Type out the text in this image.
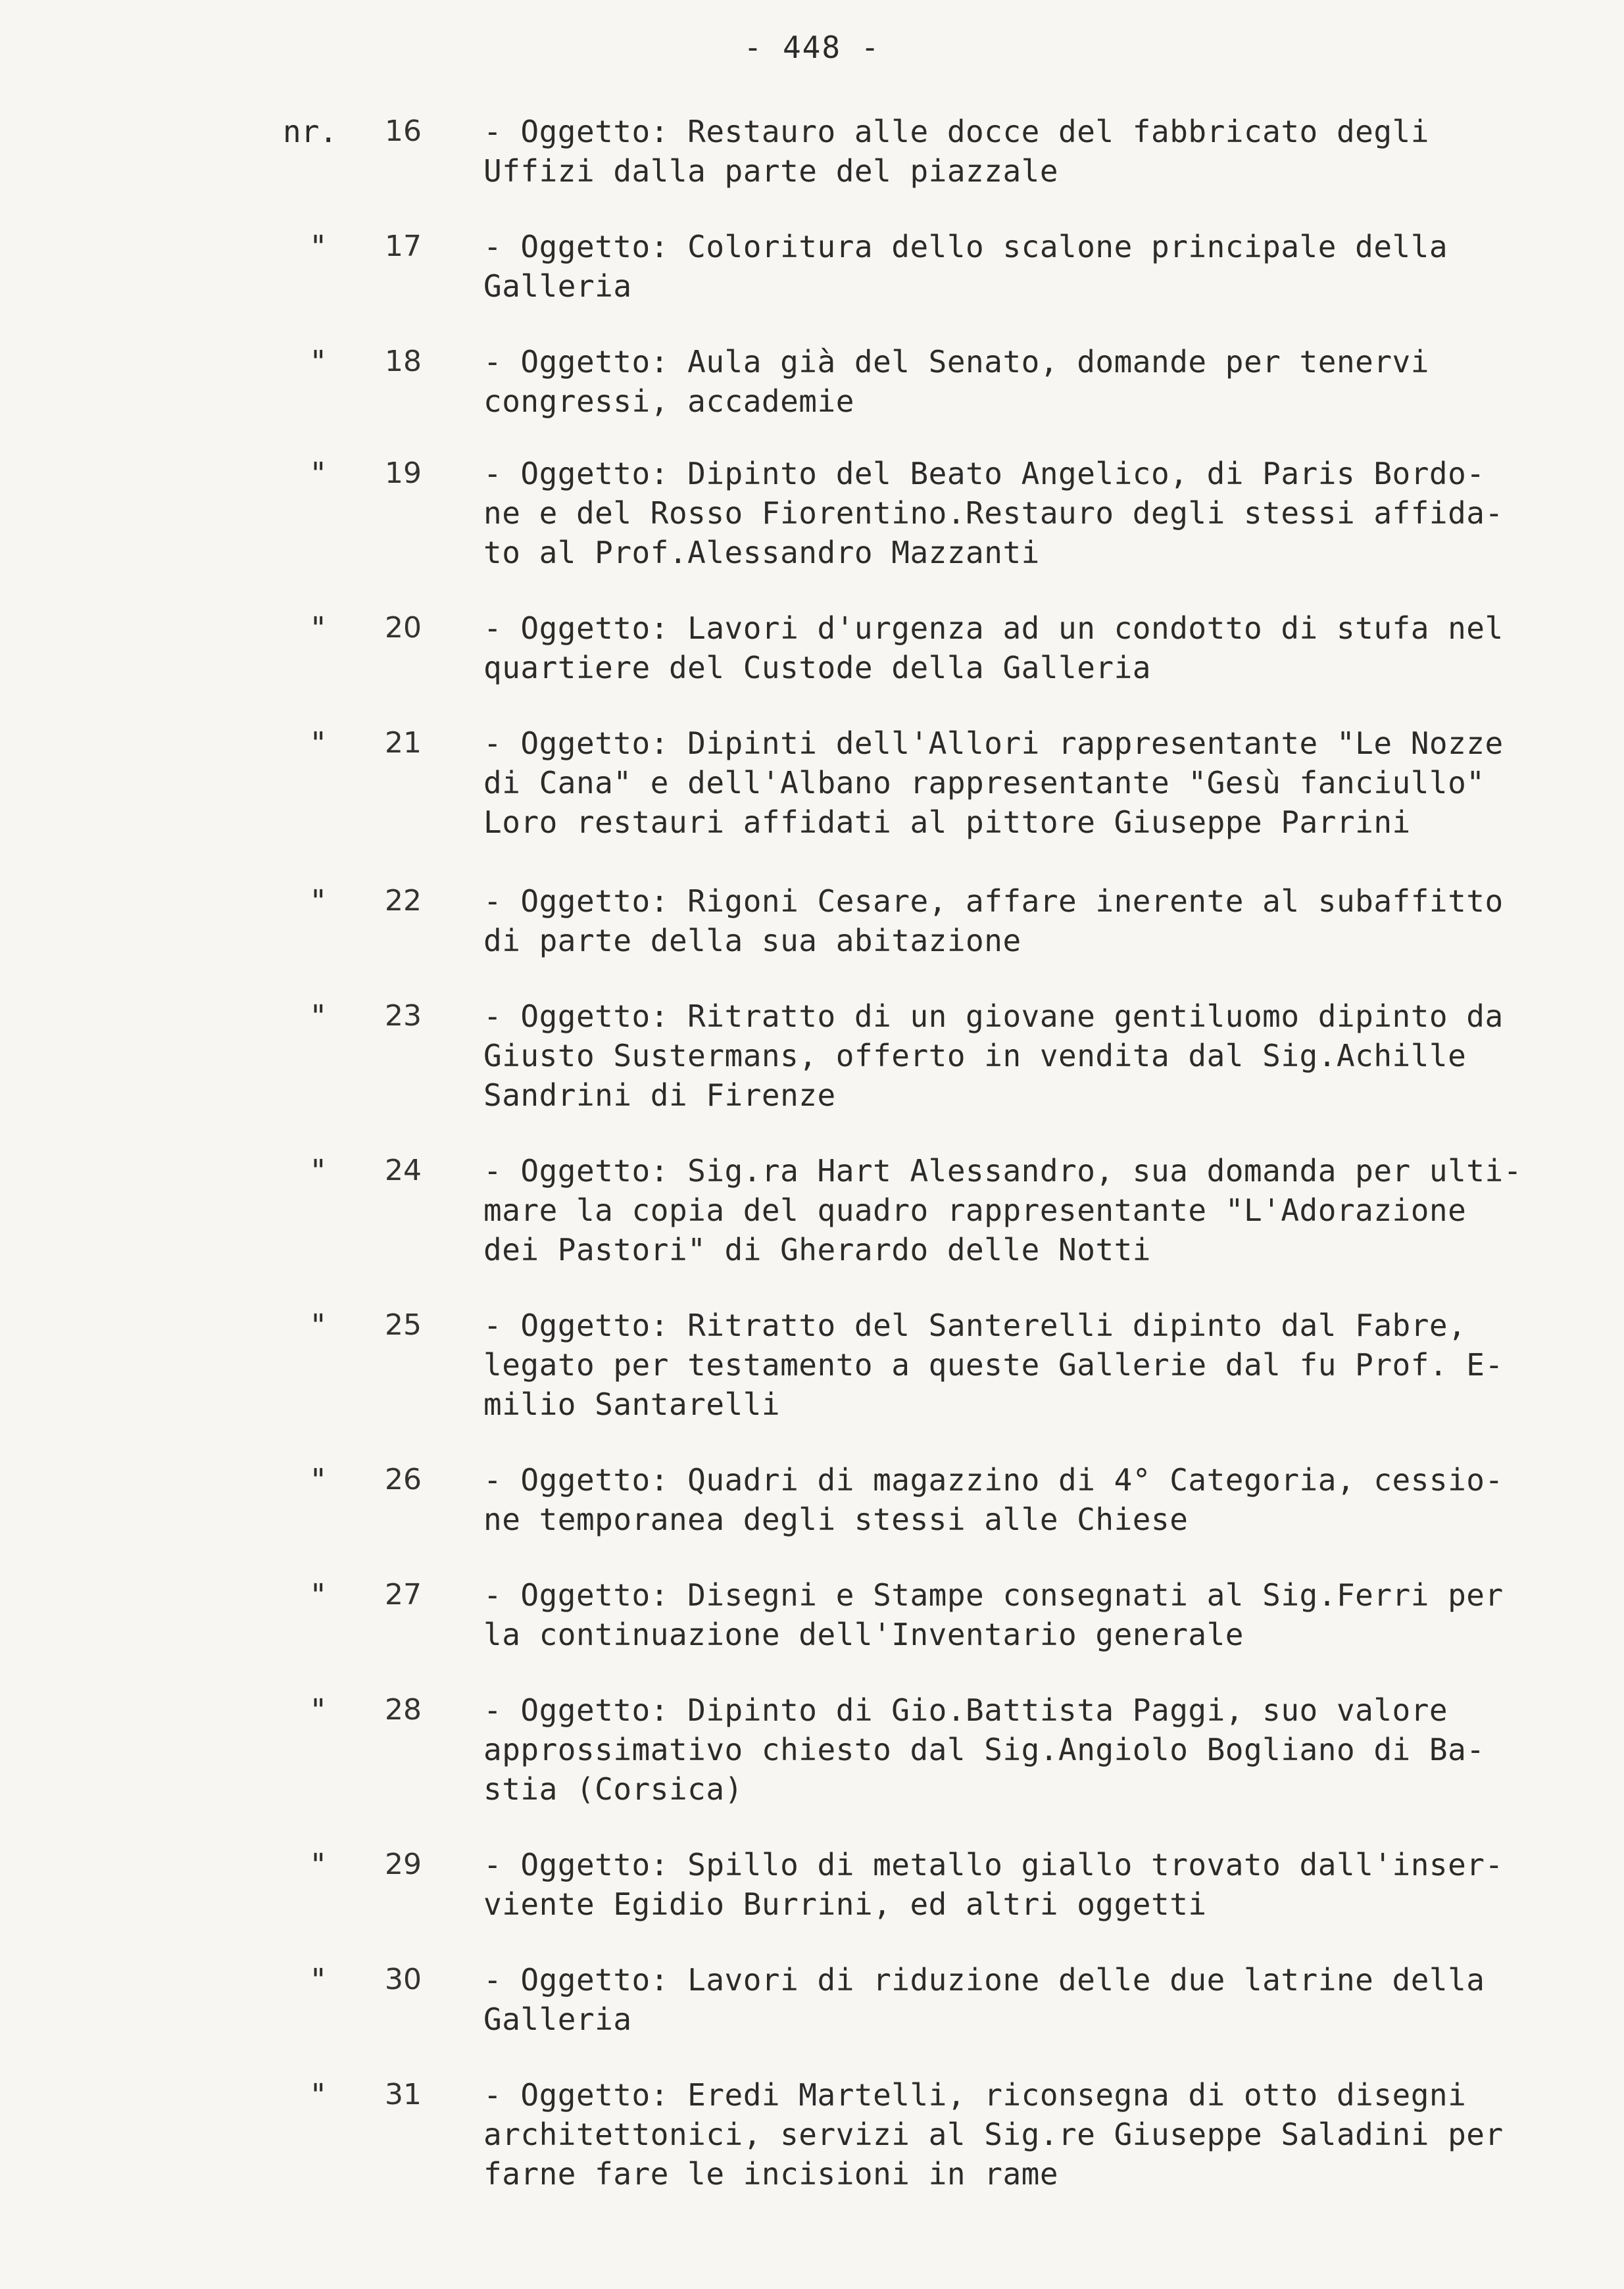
- 448 -
nr.	16 - Oggetto: Restauro alle docce del fabbricato degli
Uffizi dalla parte del piazzale
"	17 - Oggetto: Coloritura dello scalone principale della
Galleria
"	18 - Oggetto: Aula già del Senato, domande per tenervi
congressi, accademie
"	19 - Oggetto: Dipinto del Beato Angelico, di Paris Bordo-
ne e del Rosso Fiorentino.Restauro degli stessi affida-
to al Prof.Alessandro Mazzanti
"	20 - Oggetto: Lavori d'urgenza ad un condotto di stufa nel
quartiere del Custode della Galleria
"	21 - Oggetto: Dipinti dell'Allori rappresentante "Le Nozze
di Cana" e dell'Albano rappresentante "Gesù fanciullo"
Loro restauri affidati al pittore Giuseppe Parrini
"	22 - Oggetto: Rigoni Cesare, affare inerente al subaffitto
di parte della sua abitazione
"	23 - Oggetto: Ritratto di un giovane gentiluomo dipinto da
Giusto Sustermans, offerto in vendita dal Sig.Achille
Sandrini di Firenze
"	24 - Oggetto: Sig.ra Hart Alessandro, sua domanda per ulti-
mare la copia del quadro rappresentante "L'Adorazione
dei Pastori" di Gherardo delle Notti
"	25 - Oggetto: Ritratto del Santerelli dipinto dal Fabre,
legato per testamento a queste Gallerie dal fu Prof. E-
milio Santarelli
"	26 - Oggetto: Quadri di magazzino di 4° Categoria, cessio-
ne temporanea degli stessi alle Chiese
"	27 - Oggetto: Disegni e Stampe consegnati al Sig.Ferri per
la continuazione dell'Inventario generale
"	28 - Oggetto: Dipinto di Gio.Battista Paggi, suo valore
approssimativo chiesto dal Sig.Angiolo Bogliano di Ba-
stia (Corsica)
"	29 - Oggetto: Spillo di metallo giallo trovato dall'inser-
viente Egidio Burrini, ed altri oggetti
"	30 - Oggetto: Lavori di riduzione delle due latrine della
Galleria
"	31 - Oggetto: Eredi Martelli, riconsegna di otto disegni
architettonici, servizi al Sig.re Giuseppe Saladini per
farne fare le incisioni in rame
